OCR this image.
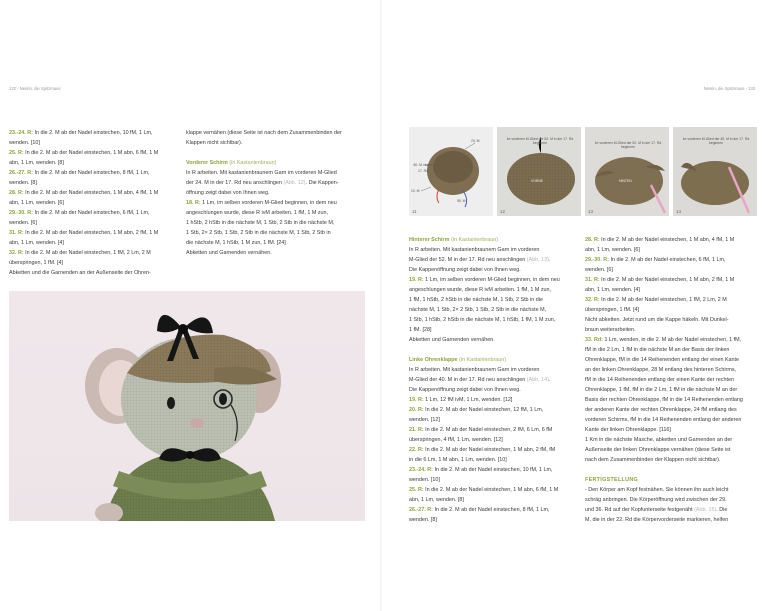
132 - Nesrin, die Spitzmaus
23.-24. R: In die 2. M ab der Nadel einstechen, 10 fM, 1 Lm,
wenden. [10]
25. R: In die 2. M ab der Nadel einstechen, 1 M abn, 6 fM, 1 M
abn, 1 Lm, wenden. [8]
26.-27. R: In die 2. M ab der Nadel einstechen, 8 fM, 1 Lm,
wenden. [8]
28. R: In die 2. M ab der Nadel einstechen, 1 M abn, 4 fM, 1 M
abn, 1 Lm, wenden. [6]
29.-30. R: In die 2. M ab der Nadel einstechen, 6 fM, 1 Lm,
wenden. [6]
31. R: In die 2. M ab der Nadel einstechen, 1 M abn, 2 fM, 1 M
abn, 1 Lm, wenden. [4]
32. R: In die 2. M ab der Nadel einstechen, 1 fM, 2 Lm, 2 M
überspringen, 1 fM. [4]
Abketten und die Garnenden an der Außenseite der Ohren-
klappe vernähen (diese Seite ist nach dem Zusammenbinden der
Klappen nicht sichtbar).
Vorderer Schirm (in Kastanienbraun)
In R arbeiten. Mit kastanienbraunem Garn im vorderen M-Glied
der 24. M in der 17. Rd neu anschlingen (Abb. 12). Die Kappen-
öffnung zeigt dabei von Ihnen weg.
18. R: 1 Lm, im selben vorderen M-Glied beginnen, in dem neu
angeschlungen wurde, diese R ivM arbeiten. 1 fM, 1 M zun,
1 hStb, 2 hStb in die nächste M, 1 Stb, 2 Stb in die nächste M,
1 Stb, 2× 2 Stb, 1 Stb, 2 Stb in die nächste M, 1 Stb, 2 Stb in
die nächste M, 1 hStb, 1 M zun, 1 fM. [24]
Abketten und Garnenden vernähen.
Nesrin, die Spitzmaus - 133
23. M
60. M oben
17. Rd
10. M
55. M
11
Im vorderen M-Glied der 52. M in der 17. Rd beginnen
VORNE
12
Im vorderen M-Glied der 52. M in der 17. Rd beginnen
HINTEN
13
Im vorderen M-Glied der 40. M in der 17. Rd beginnen
14
Hinterer Schirm (in Kastanienbraun)
In R arbeiten. Mit kastanienbraunem Garn im vorderen
M-Glied der 52. M in der 17. Rd neu anschlingen (Abb. 13).
Die Kappenöffnung zeigt dabei von Ihnen weg.
19. R: 1 Lm, im selben vorderen M-Glied beginnen, in dem neu
angeschlungen wurde, diese R ivM arbeiten. 1 fM, 1 M zun,
1 fM, 1 hStb, 2 hStb in die nächste M, 1 Stb, 2 Stb in die
nächste M, 1 Stb, 2× 2 Stb, 1 Stb, 2 Stb in die nächste M,
1 Stb, 1 hStb, 2 hStb in die nächste M, 1 hStb, 1 fM, 1 M zun,
1 fM. [28]
Abketten und Garnenden vernähen.
Linke Ohrenklappe (in Kastanienbraun)
In R arbeiten. Mit kastanienbraunem Garn im vorderen
M-Glied der 40. M in der 17. Rd neu anschlingen (Abb. 14).
Die Kappenöffnung zeigt dabei von Ihnen weg.
19. R: 1 Lm, 12 fM ivM, 1 Lm, wenden. [12]
20. R: In die 2. M ab der Nadel einstechen, 12 fM, 1 Lm,
wenden. [12]
21. R: In die 2. M ab der Nadel einstechen, 2 fM, 6 Lm, 6 fM
überspringen, 4 fM, 1 Lm, wenden. [12]
22. R: In die 2. M ab der Nadel einstechen, 1 M abn, 2 fM, fM
in die 6 Lm, 1 M abn, 1 Lm, wenden. [10]
23.-24. R: In die 2. M ab der Nadel einstechen, 10 fM, 1 Lm,
wenden. [10]
25. R: In die 2. M ab der Nadel einstechen, 1 M abn, 6 fM, 1 M
abn, 1 Lm, wenden. [8]
26.-27. R: In die 2. M ab der Nadel einstechen, 8 fM, 1 Lm,
wenden. [8]
28. R: In die 2. M ab der Nadel einstechen, 1 M abn, 4 fM, 1 M
abn, 1 Lm, wenden. [6]
29.-30. R: In die 2. M ab der Nadel einstechen, 6 fM, 1 Lm,
wenden. [6]
31. R: In die 2. M ab der Nadel einstechen, 1 M abn, 2 fM, 1 M
abn, 1 Lm, wenden. [4]
32. R: In die 2. M ab der Nadel einstechen, 1 fM, 2 Lm, 2 M
überspringen, 1 fM. [4]
Nicht abketten. Jetzt rund um die Kappe häkeln. Mit Dunkel-
braun weiterarbeiten.
33. Rd: 1 Lm, wenden, in die 2. M ab der Nadel einstechen, 1 fM,
fM in die 2 Lm, 1 fM in die nächste M an der Basis der linken
Ohrenklappe, fM in die 14 Reihenenden entlang der einen Kante
an der linken Ohrenklappe, 28 M entlang des hinteren Schirms,
fM in die 14 Reihenenden entlang der einen Kante der rechten
Ohrenklappe, 1 fM, fM in die 2 Lm, 1 fM in die nächste M an der
Basis der rechten Ohrenklappe, fM in die 14 Reihenenden entlang
der anderen Kante der rechten Ohrenklappe, 24 fM entlang des
vorderen Schirms, fM in die 14 Reihenenden entlang der anderen
Kante der linken Ohrenklappe. [116]
1 Km in die nächste Masche, abketten und Garnenden an der
Außenseite der linken Ohrenklappe vernähen (diese Seite ist
nach dem Zusammenbinden der Klappen nicht sichtbar).
FERTIGSTELLUNG
- Den Körper am Kopf festnähen. Sie können ihn auch leicht
schräg anbringen. Die Körperöffnung wird zwischen der 29.
und 36. Rd auf der Kopfunterseite festgenäht (Abb. 15). Die
M, die in der 22. Rd die Körpervorderseite markieren, helfen
